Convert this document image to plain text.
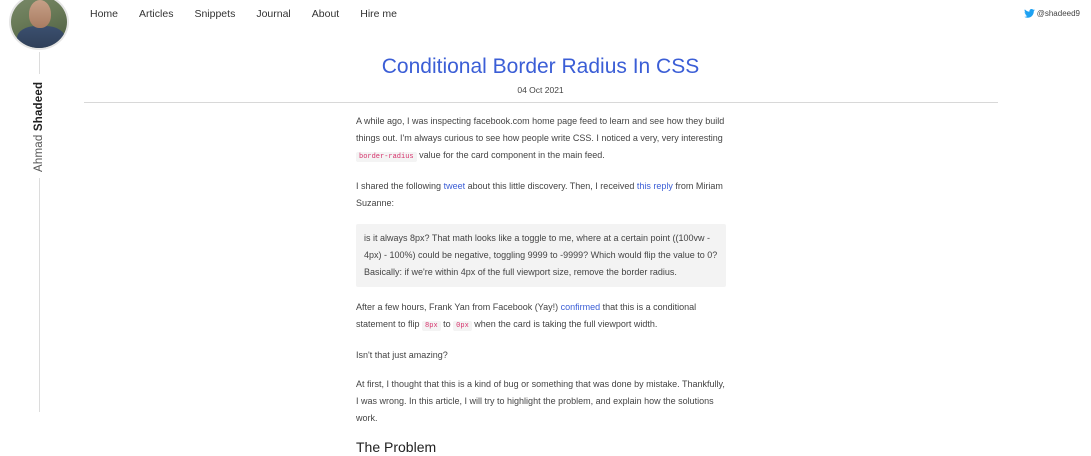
Ahmad Shadeed
Home Articles Snippets Journal About Hire me	@shadeed9
Conditional Border Radius In CSS
04 Oct 2021

A while ago, I was inspecting facebook.com home page feed to learn and see how they build things out. I'm always curious to see how people write CSS. I noticed a very, very interesting border-radius value for the card component in the main feed.

I shared the following tweet about this little discovery. Then, I received this reply from Miriam Suzanne:

is it always 8px? That math looks like a toggle to me, where at a certain point ((100vw - 4px) - 100%) could be negative, toggling 9999 to -9999? Which would flip the value to 0? Basically: if we're within 4px of the full viewport size, remove the border radius.

After a few hours, Frank Yan from Facebook (Yay!) confirmed that this is a conditional statement to flip 8px to 0px when the card is taking the full viewport width.

Isn't that just amazing?

At first, I thought that this is a kind of bug or something that was done by mistake. Thankfully, I was wrong. In this article, I will try to highlight the problem, and explain how the solutions work.

The Problem
